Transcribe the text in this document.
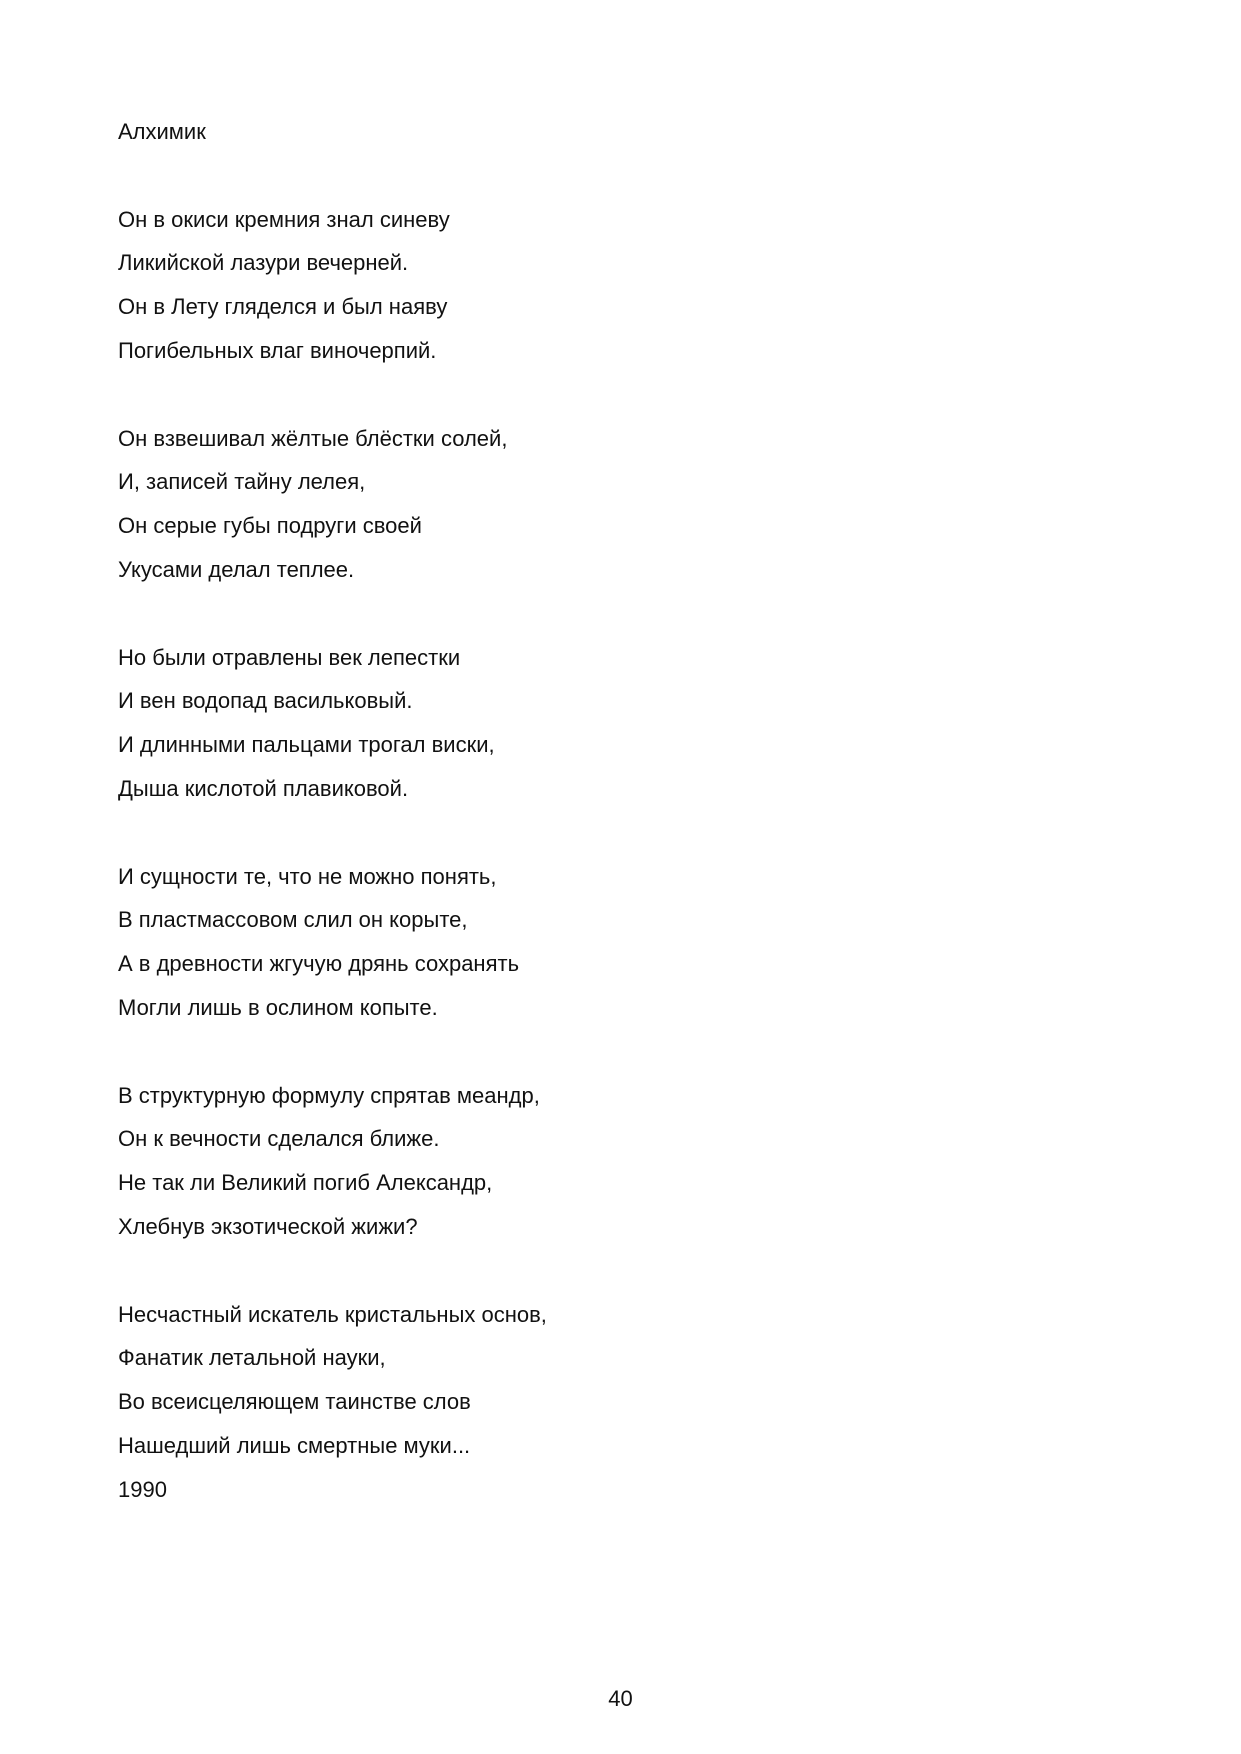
Алхимик
Он в окиси кремния знал синеву
Ликийской лазури вечерней.
Он в Лету гляделся и был наяву
Погибельных влаг виночерпий.
Он взвешивал жёлтые блёстки солей,
И, записей тайну лелея,
Он серые губы подруги своей
Укусами делал теплее.
Но были отравлены век лепестки
И вен водопад васильковый.
И длинными пальцами трогал виски,
Дыша кислотой плавиковой.
И сущности те, что не можно понять,
В пластмассовом слил он корыте,
А в древности жгучую дрянь сохранять
Могли лишь в ослином копыте.
В структурную формулу спрятав меандр,
Он к вечности сделался ближе.
Не так ли Великий погиб Александр,
Хлебнув экзотической жижи?
Несчастный искатель кристальных основ,
Фанатик летальной науки,
Во всеисцеляющем таинстве слов
Нашедший лишь смертные муки...
1990
40
